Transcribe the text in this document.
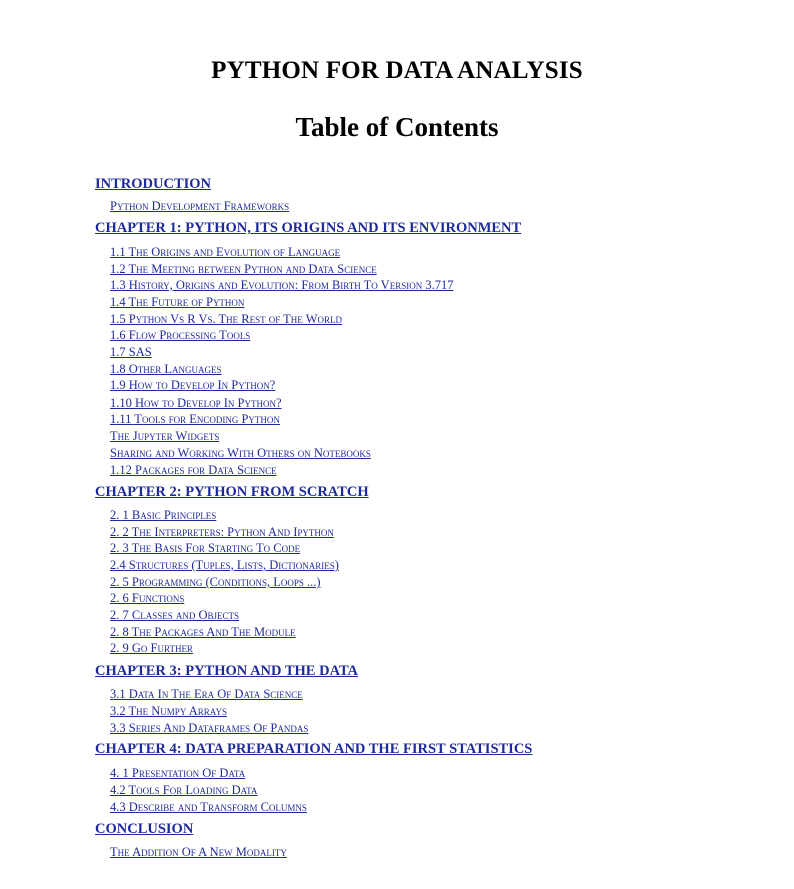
PYTHON FOR DATA ANALYSIS
Table of Contents
INTRODUCTION
Python Development Frameworks
CHAPTER 1: PYTHON, ITS ORIGINS AND ITS ENVIRONMENT
1.1 The Origins and Evolution of Language
1.2 The Meeting between Python and Data Science
1.3 History, Origins and Evolution: From Birth To Version 3.717
1.4 The Future of Python
1.5 Python Vs R Vs. The Rest of The World
1.6 Flow Processing Tools
1.7 SAS
1.8 Other Languages
1.9 How to Develop In Python?
1.10 How to Develop In Python?
1.11 Tools for Encoding Python
The Jupyter Widgets
Sharing and Working With Others on Notebooks
1.12 Packages for Data Science
CHAPTER 2: PYTHON FROM SCRATCH
2. 1 Basic Principles
2. 2 The Interpreters: Python And Ipython
2. 3 The Basis For Starting To Code
2.4 Structures (Tuples, Lists, Dictionaries)
2. 5 Programming (Conditions, Loops ...)
2. 6 Functions
2. 7 Classes and Objects
2. 8 The Packages And The Module
2. 9 Go Further
CHAPTER 3: PYTHON AND THE DATA
3.1 Data In The Era Of Data Science
3.2 The Numpy Arrays
3.3 Series And Dataframes Of Pandas
CHAPTER 4: DATA PREPARATION AND THE FIRST STATISTICS
4. 1 Presentation Of Data
4.2 Tools For Loading Data
4.3 Describe and Transform Columns
CONCLUSION
The Addition Of A New Modality
